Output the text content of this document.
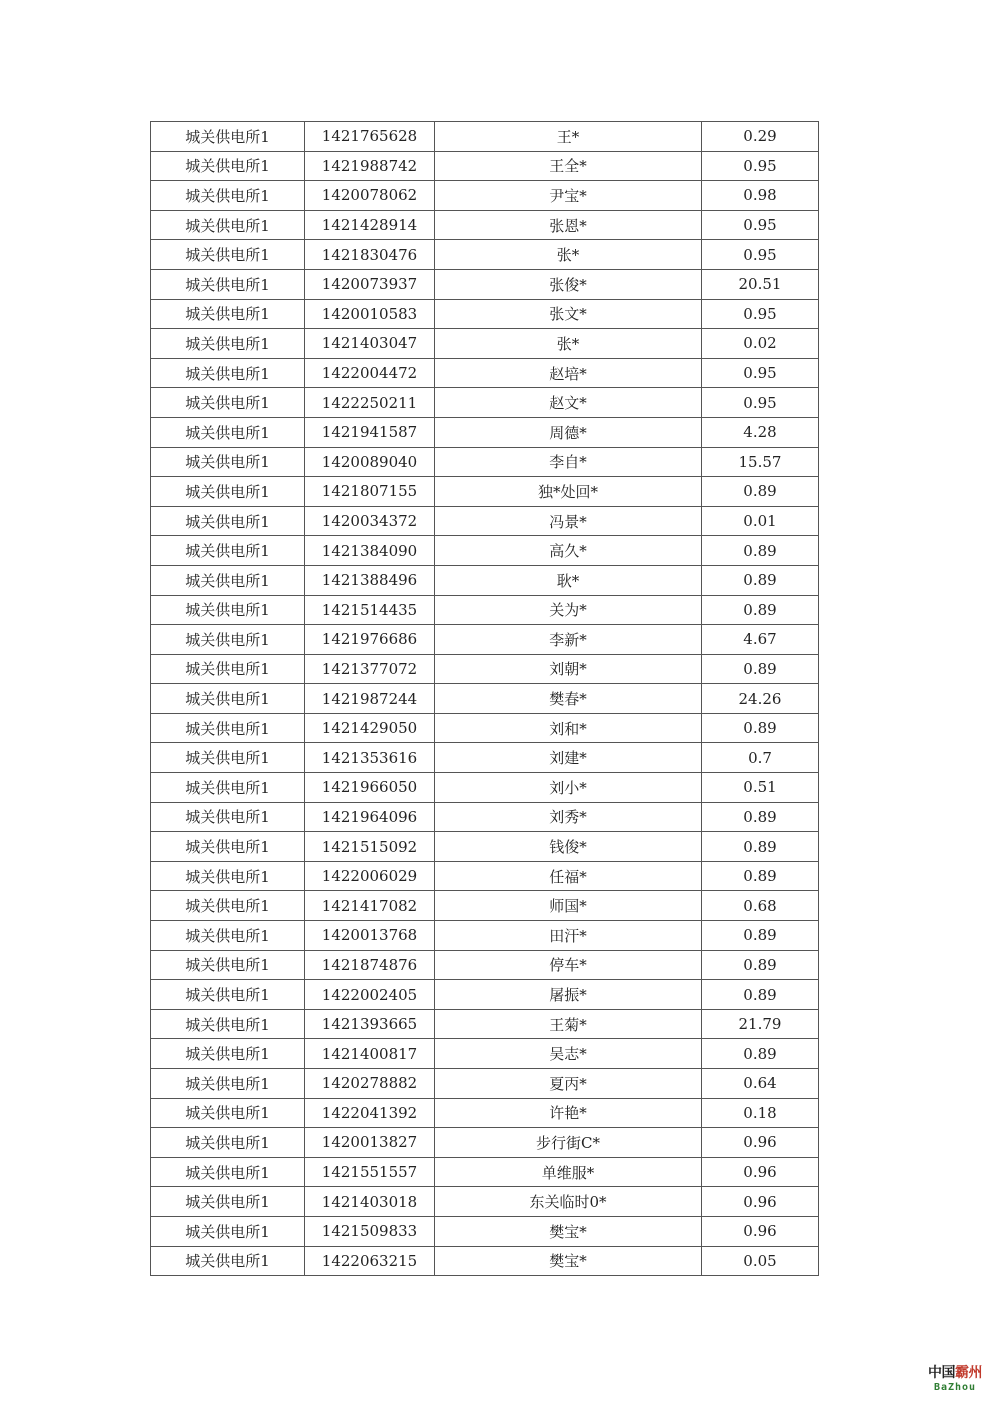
城关供电所1	1421765628	王*	0.29
城关供电所1	1421988742	王全*	0.95
城关供电所1	1420078062	尹宝*	0.98
城关供电所1	1421428914	张恩*	0.95
城关供电所1	1421830476	张*	0.95
城关供电所1	1420073937	张俊*	20.51
城关供电所1	1420010583	张文*	0.95
城关供电所1	1421403047	张*	0.02
城关供电所1	1422004472	赵培*	0.95
城关供电所1	1422250211	赵文*	0.95
城关供电所1	1421941587	周德*	4.28
城关供电所1	1420089040	李自*	15.57
城关供电所1	1421807155	独*处回*	0.89
城关供电所1	1420034372	冯景*	0.01
城关供电所1	1421384090	高久*	0.89
城关供电所1	1421388496	耿*	0.89
城关供电所1	1421514435	关为*	0.89
城关供电所1	1421976686	李新*	4.67
城关供电所1	1421377072	刘朝*	0.89
城关供电所1	1421987244	樊春*	24.26
城关供电所1	1421429050	刘和*	0.89
城关供电所1	1421353616	刘建*	0.7
城关供电所1	1421966050	刘小*	0.51
城关供电所1	1421964096	刘秀*	0.89
城关供电所1	1421515092	钱俊*	0.89
城关供电所1	1422006029	任福*	0.89
城关供电所1	1421417082	师国*	0.68
城关供电所1	1420013768	田汗*	0.89
城关供电所1	1421874876	停车*	0.89
城关供电所1	1422002405	屠振*	0.89
城关供电所1	1421393665	王菊*	21.79
城关供电所1	1421400817	吴志*	0.89
城关供电所1	1420278882	夏丙*	0.64
城关供电所1	1422041392	许艳*	0.18
城关供电所1	1420013827	步行街C*	0.96
城关供电所1	1421551557	单维服*	0.96
城关供电所1	1421403018	东关临时0*	0.96
城关供电所1	1421509833	樊宝*	0.96
城关供电所1	1422063215	樊宝*	0.05
中国霸州
BaZhou
